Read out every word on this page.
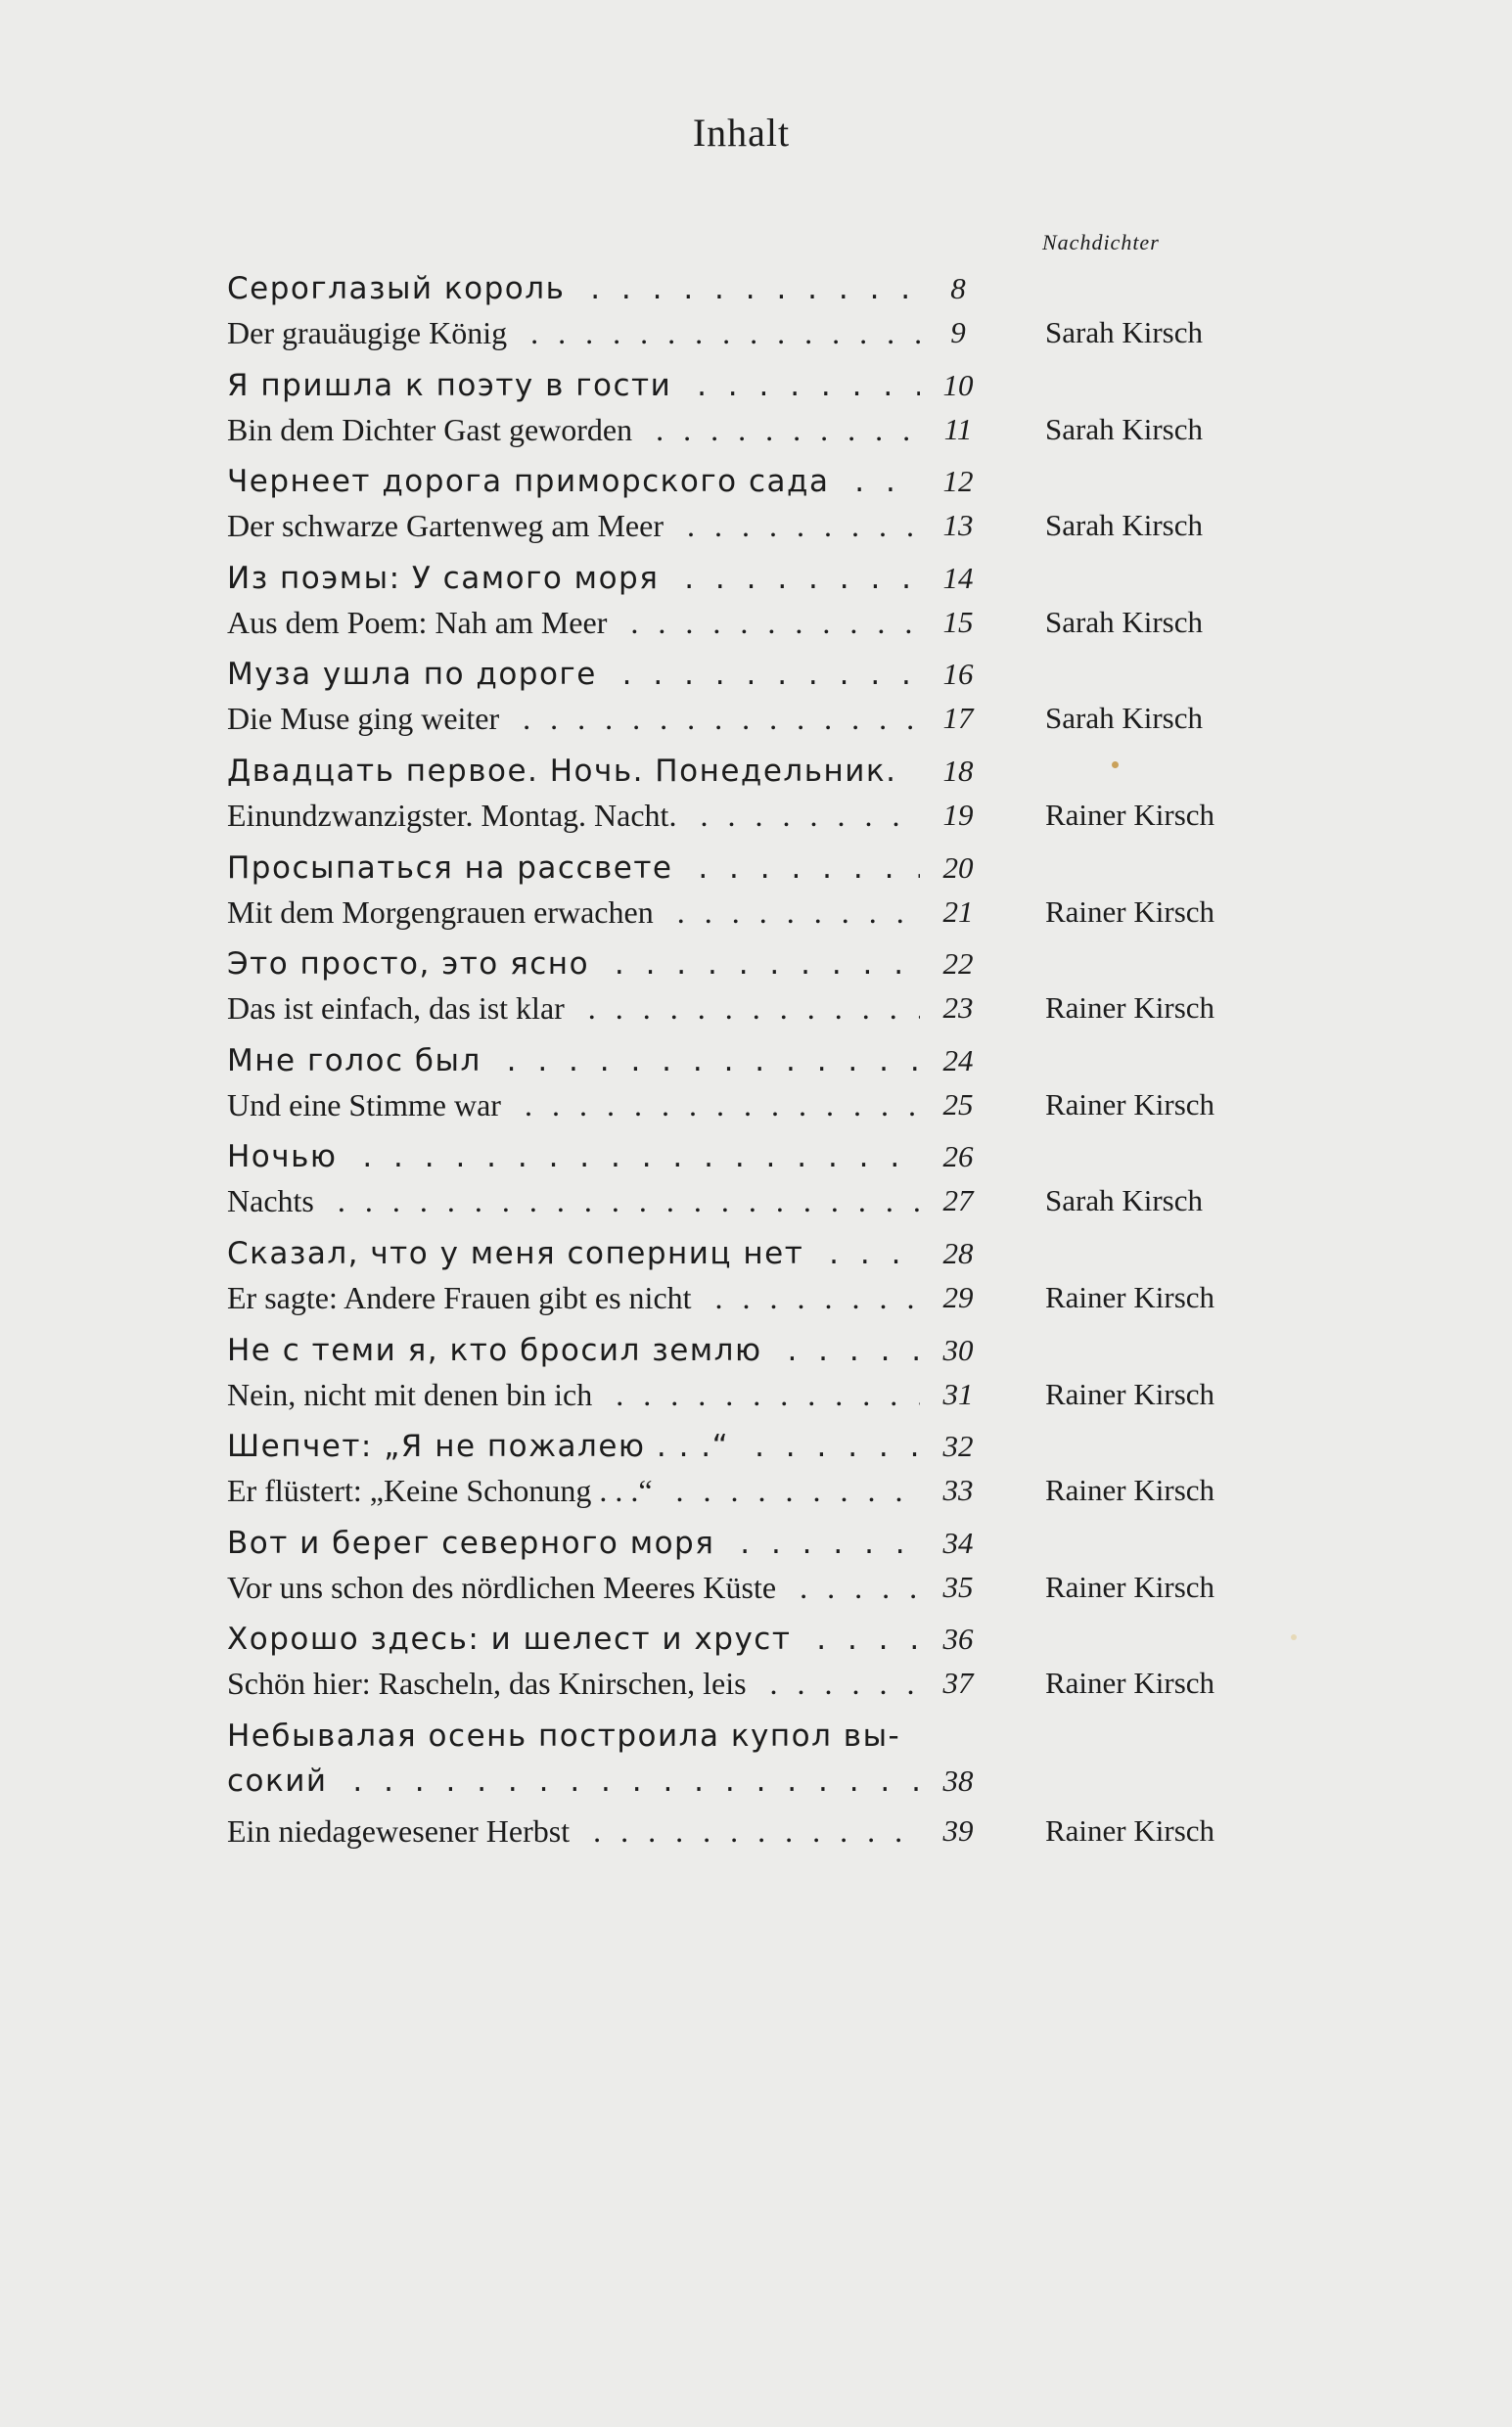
Inhalt
Nachdichter
Сероглазый король . . .	8
Der grauäugige König . . .	9	Sarah Kirsch
Я пришла к поэту в гости . . .	10
Bin dem Dichter Gast geworden . . .	11	Sarah Kirsch
Чернеет дорога приморского сада . . .	12
Der schwarze Gartenweg am Meer . . .	13	Sarah Kirsch
Из поэмы: У самого моря . . .	14
Aus dem Poem: Nah am Meer . . .	15	Sarah Kirsch
Муза ушла по дороге . . .	16
Die Muse ging weiter . . .	17	Sarah Kirsch
Двадцать первое. Ночь. Понедельник. . . .	18
Einundzwanzigster. Montag. Nacht. . . .	19	Rainer Kirsch
Просыпаться на рассвете . . .	20
Mit dem Morgengrauen erwachen . . .	21	Rainer Kirsch
Это просто, это ясно . . .	22
Das ist einfach, das ist klar . . .	23	Rainer Kirsch
Мне голос был . . .	24
Und eine Stimme war . . .	25	Rainer Kirsch
Ночью . . .	26
Nachts . . .	27	Sarah Kirsch
Сказал, что у меня соперниц нет . . .	28
Er sagte: Andere Frauen gibt es nicht . . .	29	Rainer Kirsch
Не с теми я, кто бросил землю . . .	30
Nein, nicht mit denen bin ich . . .	31	Rainer Kirsch
Шепчет: „Я не пожалею . . .“ . . .	32
Er flüstert: „Keine Schonung . . .“ . . .	33	Rainer Kirsch
Вот и берег северного моря . . .	34
Vor uns schon des nördlichen Meeres Küste . . .	35	Rainer Kirsch
Хорошо здесь: и шелест и хруст . . .	36
Schön hier: Rascheln, das Knirschen, leis . . .	37	Rainer Kirsch
Небывалая осень построила купол вы-
сокий . . .	38
Ein niedagewesener Herbst . . .	39	Rainer Kirsch
